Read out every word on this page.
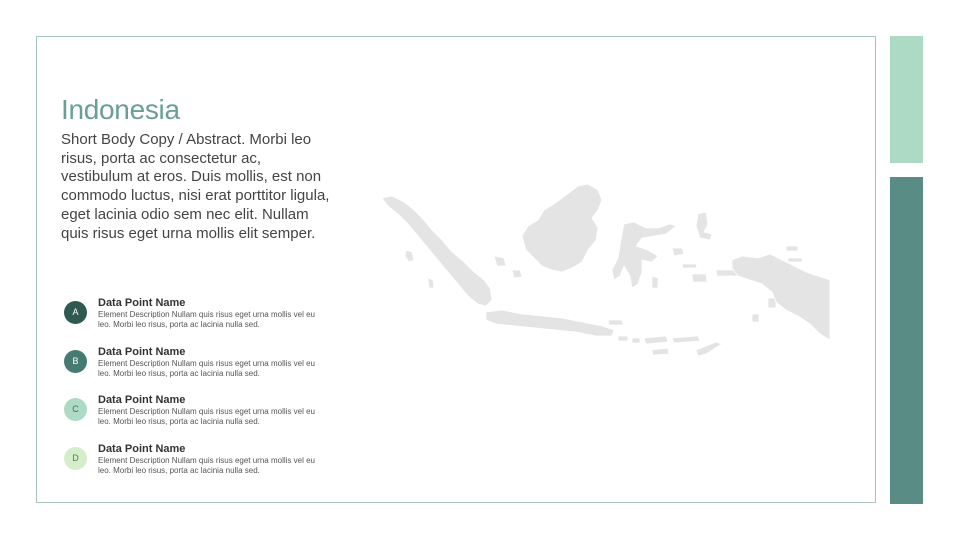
Indonesia

Short Body Copy / Abstract. Morbi leo risus, porta ac consectetur ac, vestibulum at eros. Duis mollis, est non commodo luctus, nisi erat porttitor ligula, eget lacinia odio sem nec elit. Nullam quis risus eget urna mollis elit semper.

A

Data Point Name

Element Description Nullam quis risus eget urna mollis vel eu leo. Morbi leo risus, porta ac lacinia nulla sed.

B

Data Point Name

Element Description Nullam quis risus eget urna mollis vel eu leo. Morbi leo risus, porta ac lacinia nulla sed.

C

Data Point Name

Element Description Nullam quis risus eget urna mollis vel eu leo. Morbi leo risus, porta ac lacinia nulla sed.

D

Data Point Name

Element Description Nullam quis risus eget urna mollis vel eu leo. Morbi leo risus, porta ac lacinia nulla sed.
